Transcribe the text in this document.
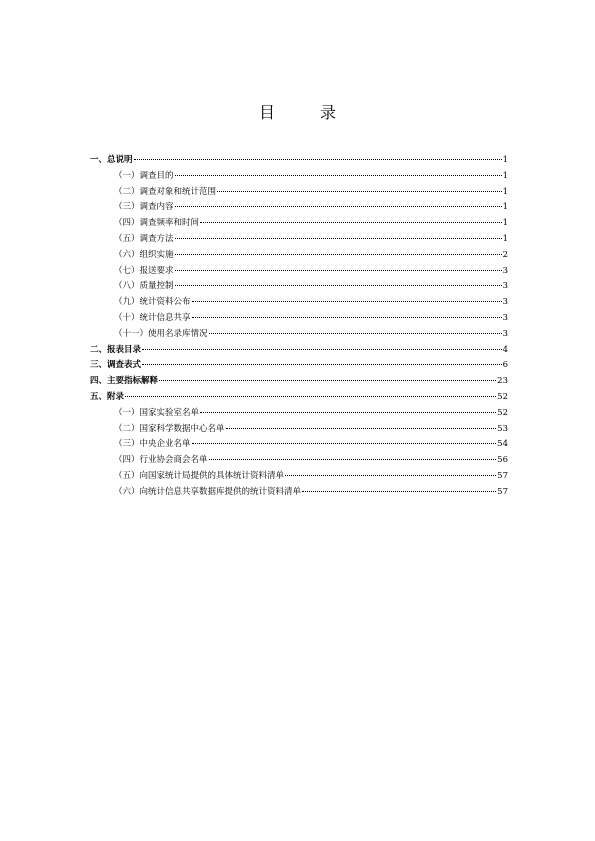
目 录
一、总说明	1
（一）调查目的	1
（二）调查对象和统计范围	1
（三）调查内容	1
（四）调查频率和时间	1
（五）调查方法	1
（六）组织实施	2
（七）报送要求	3
（八）质量控制	3
（九）统计资料公布	3
（十）统计信息共享	3
（十一）使用名录库情况	3
二、报表目录	4
三、调查表式	6
四、主要指标解释	23
五、附录	52
（一）国家实验室名单	52
（二）国家科学数据中心名单	53
（三）中央企业名单	54
（四）行业协会商会名单	56
（五）向国家统计局提供的具体统计资料清单	57
（六）向统计信息共享数据库提供的统计资料清单	57
